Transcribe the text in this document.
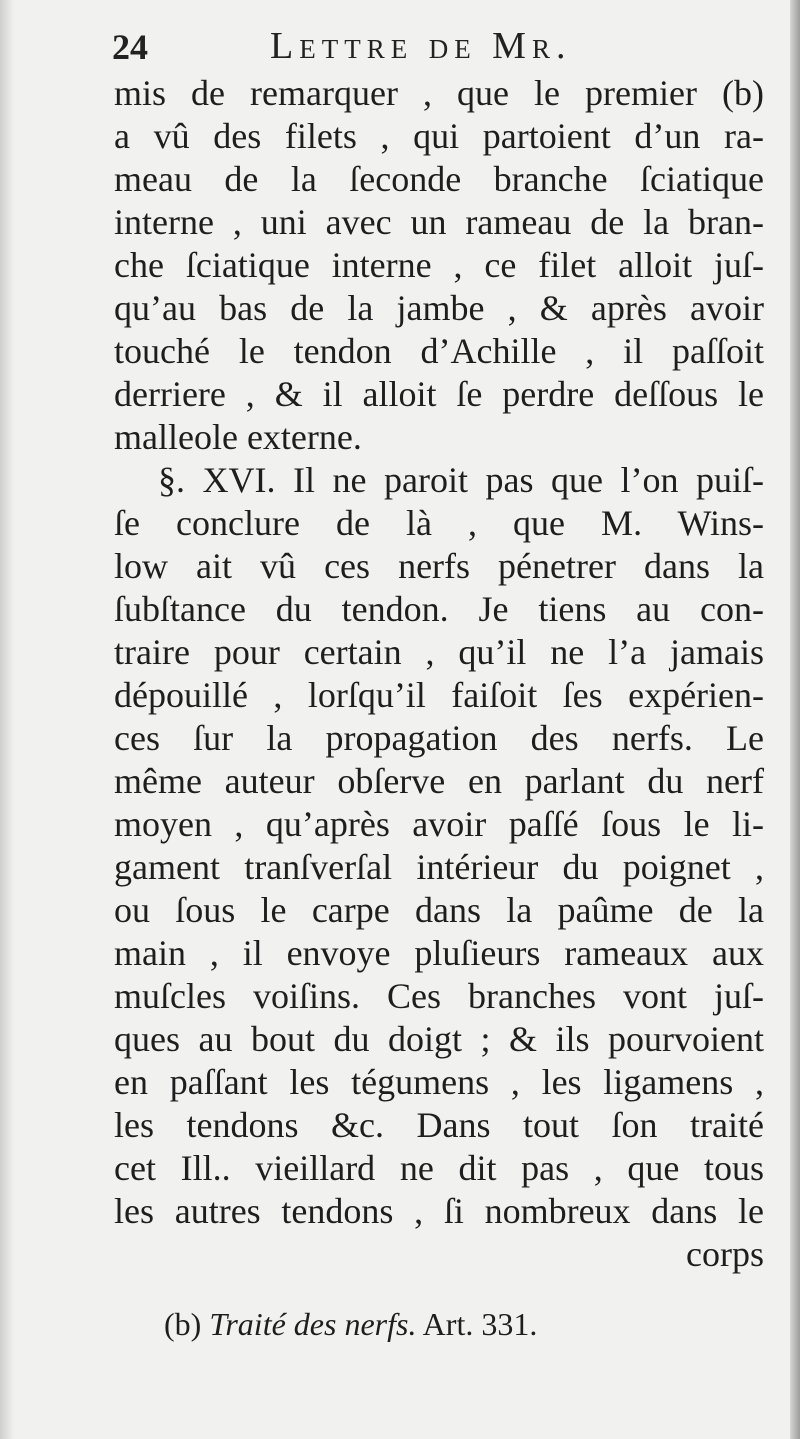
24	Lettre de Mr.
mis de remarquer , que le premier (b)
a vû des filets , qui partoient d’un ra-
meau de la ſeconde branche ſciatique
interne , uni avec un rameau de la bran-
che ſciatique interne , ce filet alloit juſ-
qu’au bas de la jambe , & après avoir
touché le tendon d’Achille , il paſſoit
derriere , & il alloit ſe perdre deſſous le
malleole externe.
§. XVI. Il ne paroit pas que l’on puiſ-
ſe conclure de là , que M. Wins-
low ait vû ces nerfs pénetrer dans la
ſubſtance du tendon. Je tiens au con-
traire pour certain , qu’il ne l’a jamais
dépouillé , lorſqu’il faiſoit ſes expérien-
ces ſur la propagation des nerfs. Le
même auteur obſerve en parlant du nerf
moyen , qu’après avoir paſſé ſous le li-
gament tranſverſal intérieur du poignet ,
ou ſous le carpe dans la paûme de la
main , il envoye pluſieurs rameaux aux
muſcles voiſins. Ces branches vont juſ-
ques au bout du doigt ; & ils pourvoient
en paſſant les tégumens , les ligamens ,
les tendons &c. Dans tout ſon traité
cet Ill.. vieillard ne dit pas , que tous
les autres tendons , ſi nombreux dans le
corps
(b) Traité des nerfs. Art. 331.
